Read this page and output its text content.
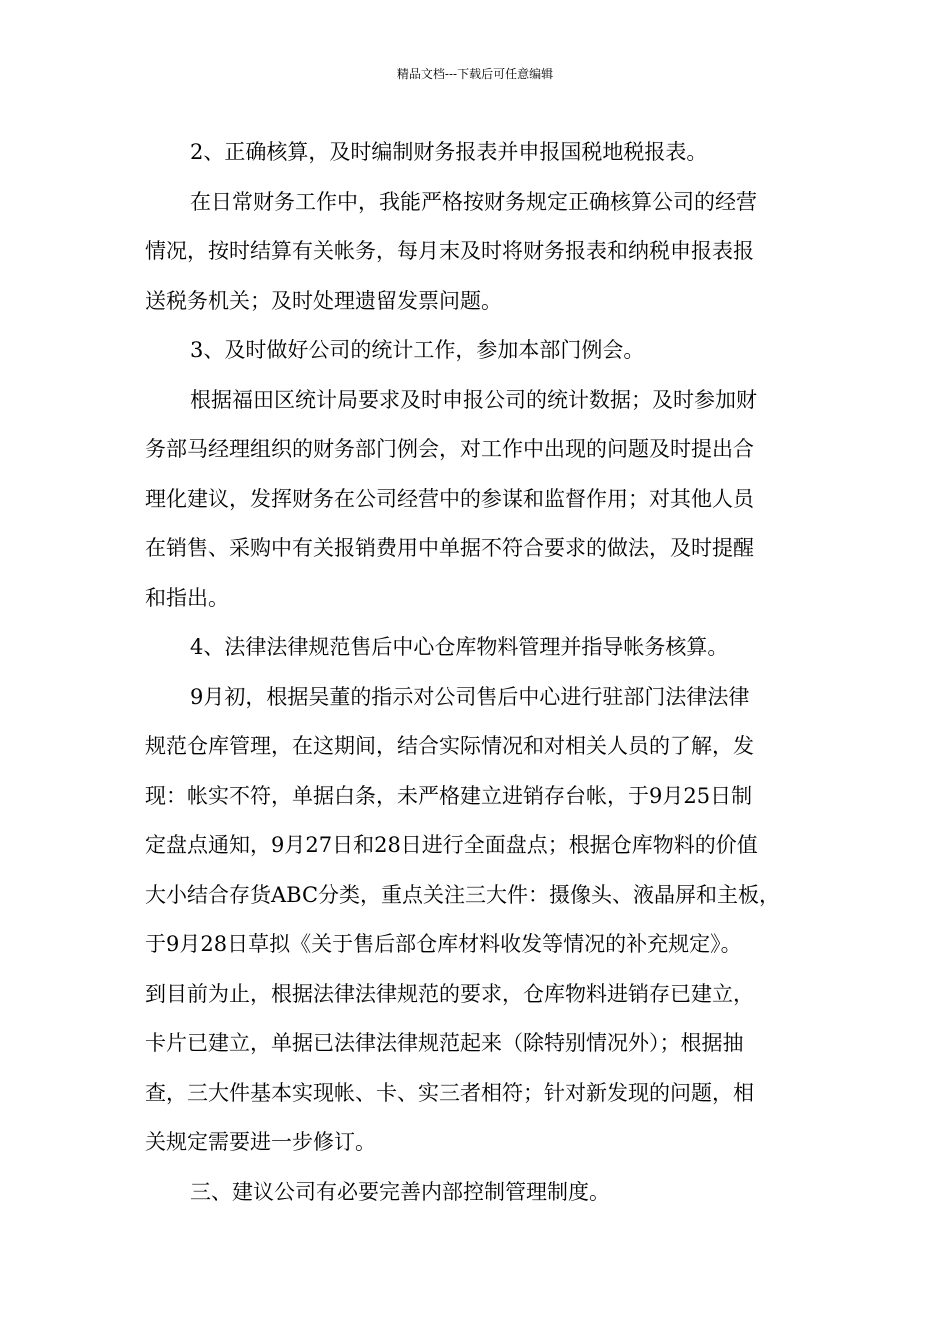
精品文档---下载后可任意编辑
2、正确核算，及时编制财务报表并申报国税地税报表。
在日常财务工作中，我能严格按财务规定正确核算公司的经营
情况，按时结算有关帐务，每月末及时将财务报表和纳税申报表报
送税务机关；及时处理遗留发票问题。
3、及时做好公司的统计工作，参加本部门例会。
根据福田区统计局要求及时申报公司的统计数据；及时参加财
务部马经理组织的财务部门例会，对工作中出现的问题及时提出合
理化建议，发挥财务在公司经营中的参谋和监督作用；对其他人员
在销售、采购中有关报销费用中单据不符合要求的做法，及时提醒
和指出。
4、法律法律规范售后中心仓库物料管理并指导帐务核算。
9月初，根据吴董的指示对公司售后中心进行驻部门法律法律
规范仓库管理，在这期间，结合实际情况和对相关人员的了解，发
现：帐实不符，单据白条，未严格建立进销存台帐，于9月25日制
定盘点通知，9月27日和28日进行全面盘点；根据仓库物料的价值
大小结合存货ABC分类，重点关注三大件：摄像头、液晶屏和主板，
于9月28日草拟《关于售后部仓库材料收发等情况的补充规定》。
到目前为止，根据法律法律规范的要求，仓库物料进销存已建立，
卡片已建立，单据已法律法律规范起来（除特别情况外）；根据抽
查，三大件基本实现帐、卡、实三者相符；针对新发现的问题，相
关规定需要进一步修订。
三、建议公司有必要完善内部控制管理制度。
